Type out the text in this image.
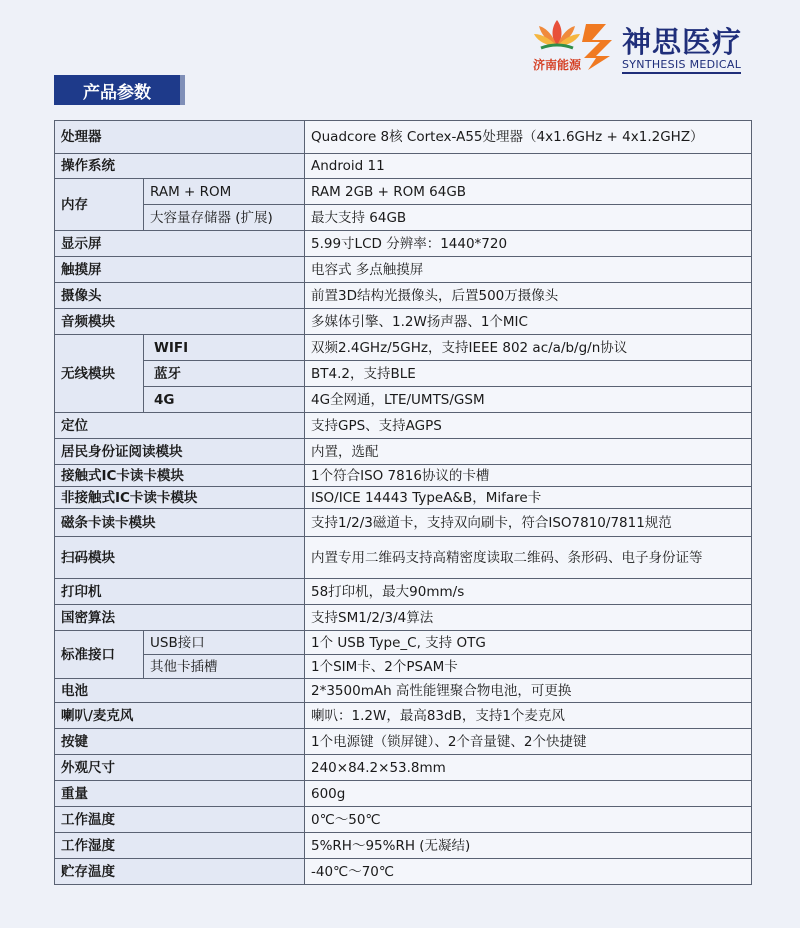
济南能源
神思医疗
SYNTHESIS MEDICAL
产品参数
处理器		Quadcore 8核 Cortex-A55处理器（4x1.6GHz + 4x1.2GHZ）
操作系统		Android 11
内存	RAM + ROM	RAM 2GB + ROM 64GB
	大容量存储器 (扩展)	最大支持 64GB
显示屏		5.99寸LCD 分辨率：1440*720
触摸屏		电容式 多点触摸屏
摄像头		前置3D结构光摄像头，后置500万摄像头
音频模块		多媒体引擎、1.2W扬声器、1个MIC
无线模块	WIFI	双频2.4GHz/5GHz，支持IEEE 802 ac/a/b/g/n协议
	蓝牙	BT4.2，支持BLE
	4G	4G全网通，LTE/UMTS/GSM
定位		支持GPS、支持AGPS
居民身份证阅读模块		内置，选配
接触式IC卡读卡模块		1个符合ISO 7816协议的卡槽
非接触式IC卡读卡模块		ISO/ICE 14443 TypeA&B，Mifare卡
磁条卡读卡模块		支持1/2/3磁道卡，支持双向刷卡，符合ISO7810/7811规范
扫码模块		内置专用二维码支持高精密度读取二维码、条形码、电子身份证等
打印机		58打印机，最大90mm/s
国密算法		支持SM1/2/3/4算法
标准接口	USB接口	1个 USB Type_C, 支持 OTG
	其他卡插槽	1个SIM卡、2个PSAM卡
电池		2*3500mAh 高性能锂聚合物电池，可更换
喇叭/麦克风		喇叭：1.2W，最高83dB，支持1个麦克风
按键		1个电源键（锁屏键）、2个音量键、2个快捷键
外观尺寸		240×84.2×53.8mm
重量		600g
工作温度		0℃～50℃
工作湿度		5%RH～95%RH (无凝结)
贮存温度		-40℃～70℃
